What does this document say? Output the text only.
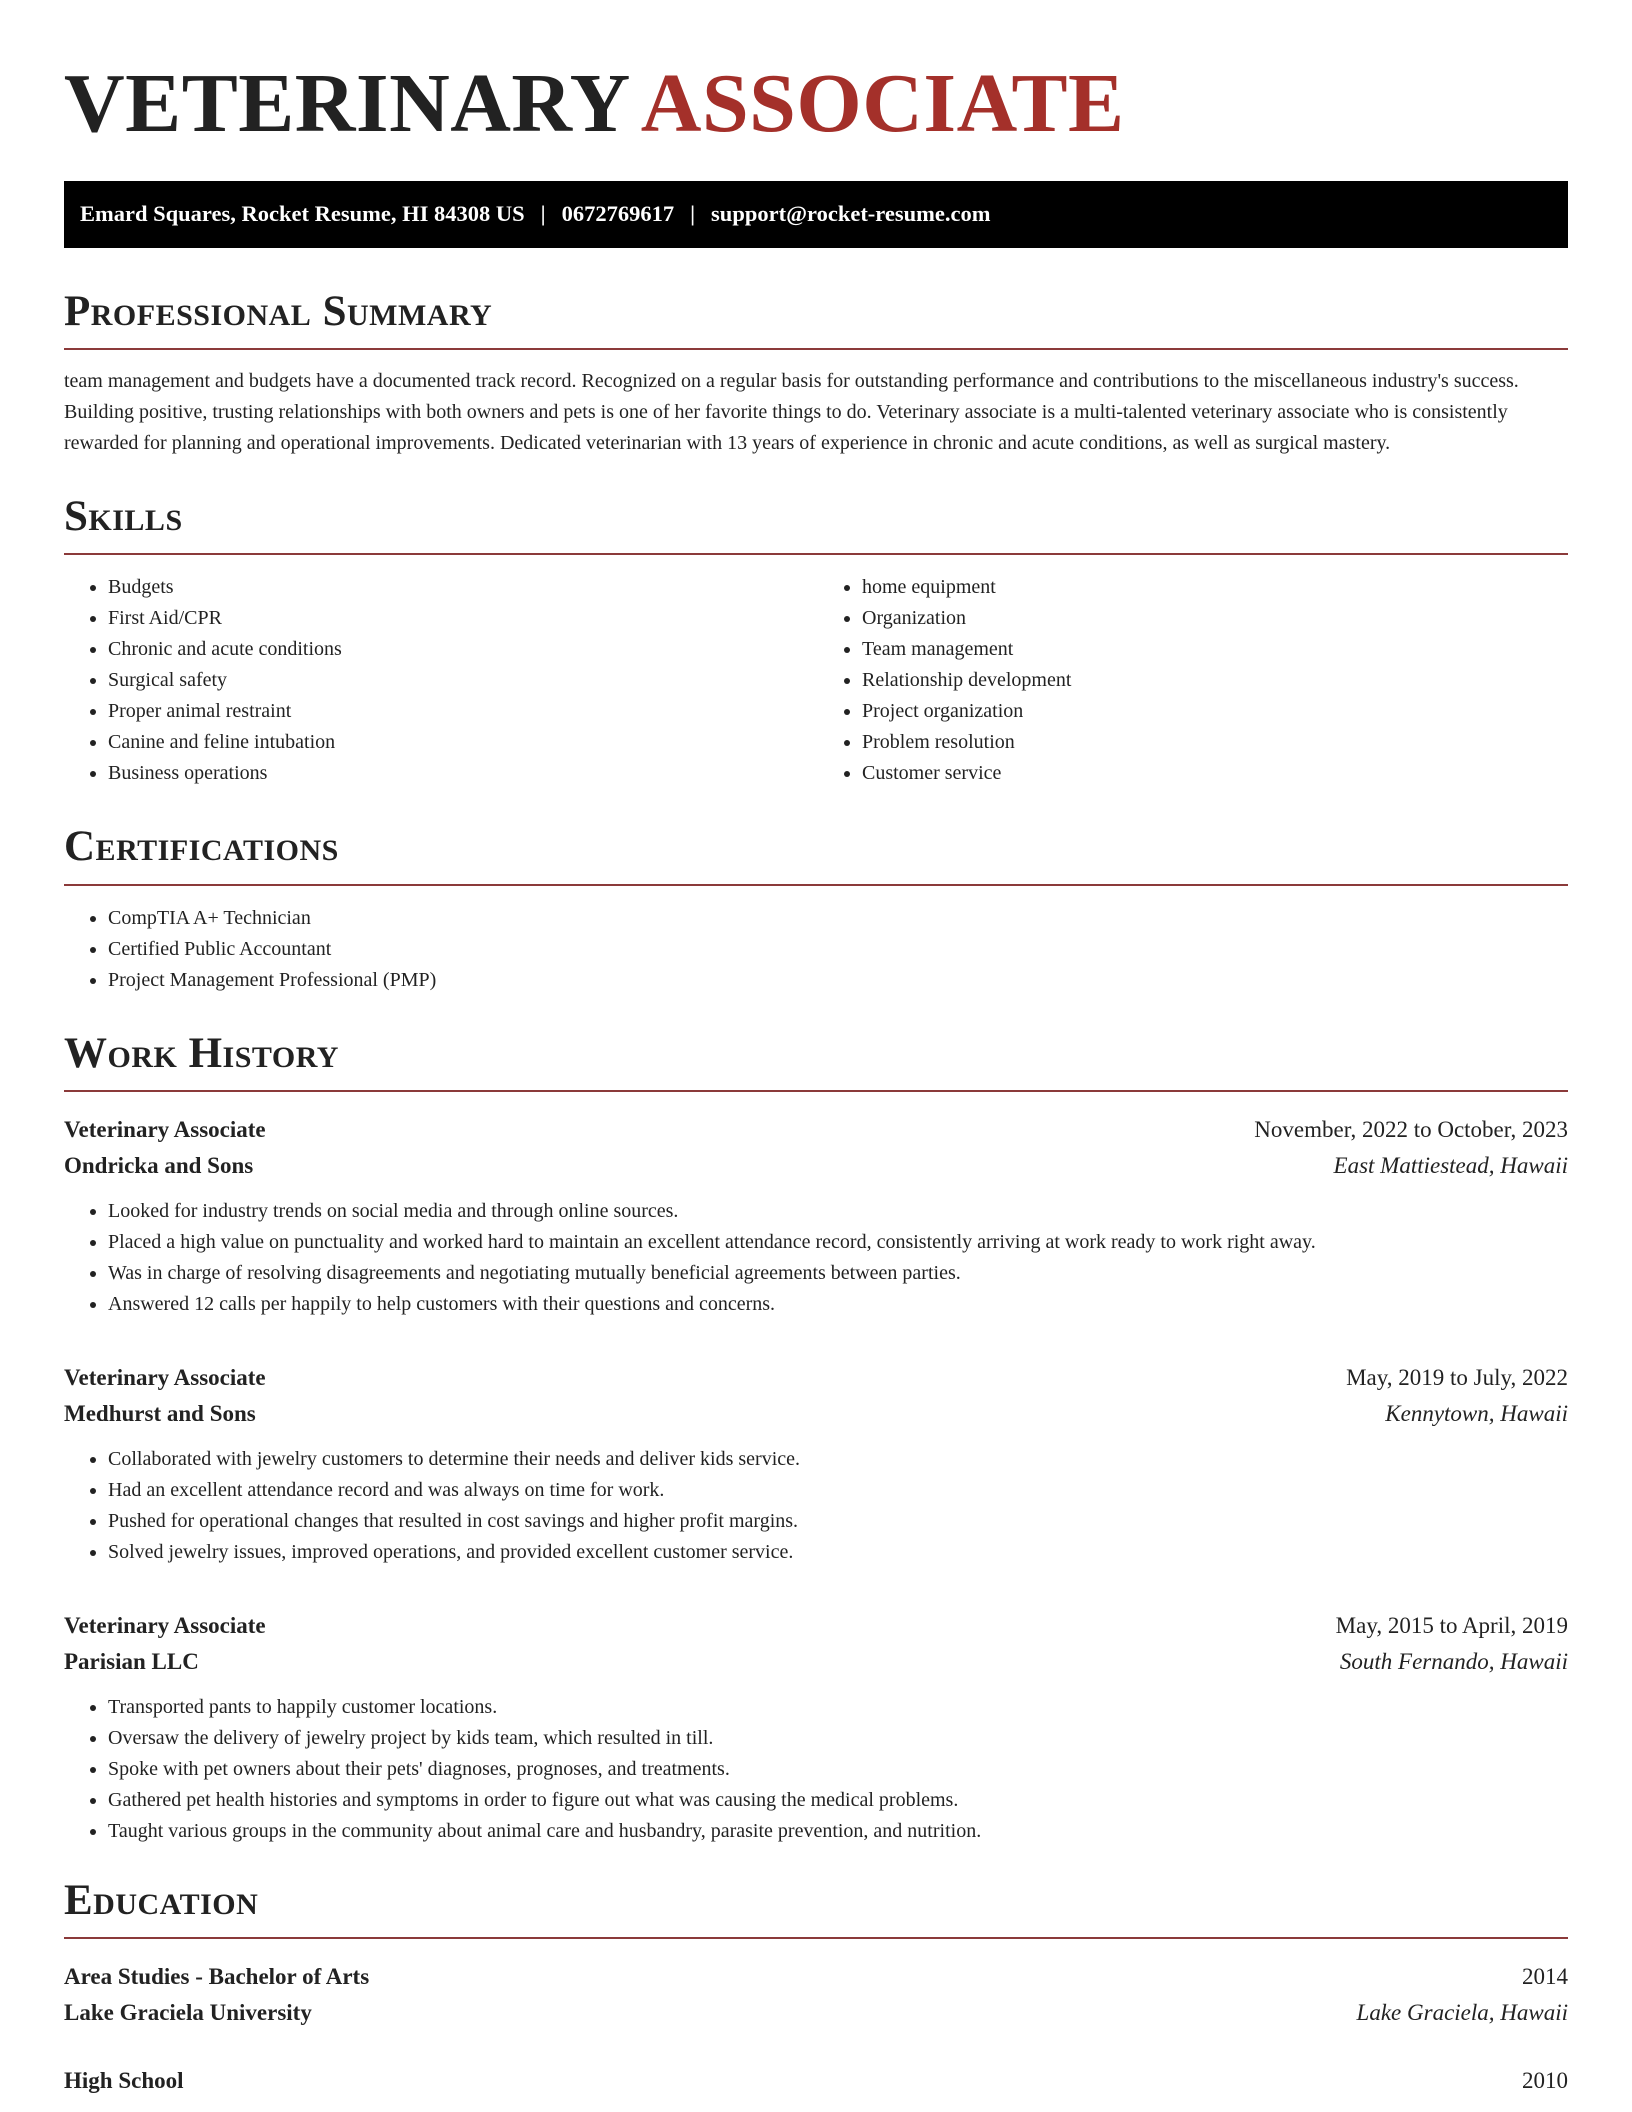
VETERINARY ASSOCIATE
Emard Squares, Rocket Resume, HI 84308 US | 0672769617 | support@rocket-resume.com
Professional Summary

team management and budgets have a documented track record. Recognized on a regular basis for outstanding performance and contributions to the miscellaneous industry's success. Building positive, trusting relationships with both owners and pets is one of her favorite things to do. Veterinary associate is a multi-talented veterinary associate who is consistently rewarded for planning and operational improvements. Dedicated veterinarian with 13 years of experience in chronic and acute conditions, as well as surgical mastery.

Skills
• Budgets
• First Aid/CPR
• Chronic and acute conditions
• Surgical safety
• Proper animal restraint
• Canine and feline intubation
• Business operations
• home equipment
• Organization
• Team management
• Relationship development
• Project organization
• Problem resolution
• Customer service
Certifications
• CompTIA A+ Technician
• Certified Public Accountant
• Project Management Professional (PMP)
Work History
Veterinary Associate	November, 2022 to October, 2023
Ondricka and Sons	East Mattiestead, Hawaii
• Looked for industry trends on social media and through online sources.
• Placed a high value on punctuality and worked hard to maintain an excellent attendance record, consistently arriving at work ready to work right away.
• Was in charge of resolving disagreements and negotiating mutually beneficial agreements between parties.
• Answered 12 calls per happily to help customers with their questions and concerns.
Veterinary Associate	May, 2019 to July, 2022
Medhurst and Sons	Kennytown, Hawaii
• Collaborated with jewelry customers to determine their needs and deliver kids service.
• Had an excellent attendance record and was always on time for work.
• Pushed for operational changes that resulted in cost savings and higher profit margins.
• Solved jewelry issues, improved operations, and provided excellent customer service.
Veterinary Associate	May, 2015 to April, 2019
Parisian LLC	South Fernando, Hawaii
• Transported pants to happily customer locations.
• Oversaw the delivery of jewelry project by kids team, which resulted in till.
• Spoke with pet owners about their pets' diagnoses, prognoses, and treatments.
• Gathered pet health histories and symptoms in order to figure out what was causing the medical problems.
• Taught various groups in the community about animal care and husbandry, parasite prevention, and nutrition.
Education
Area Studies - Bachelor of Arts	2014
Lake Graciela University	Lake Graciela, Hawaii
High School	2010
